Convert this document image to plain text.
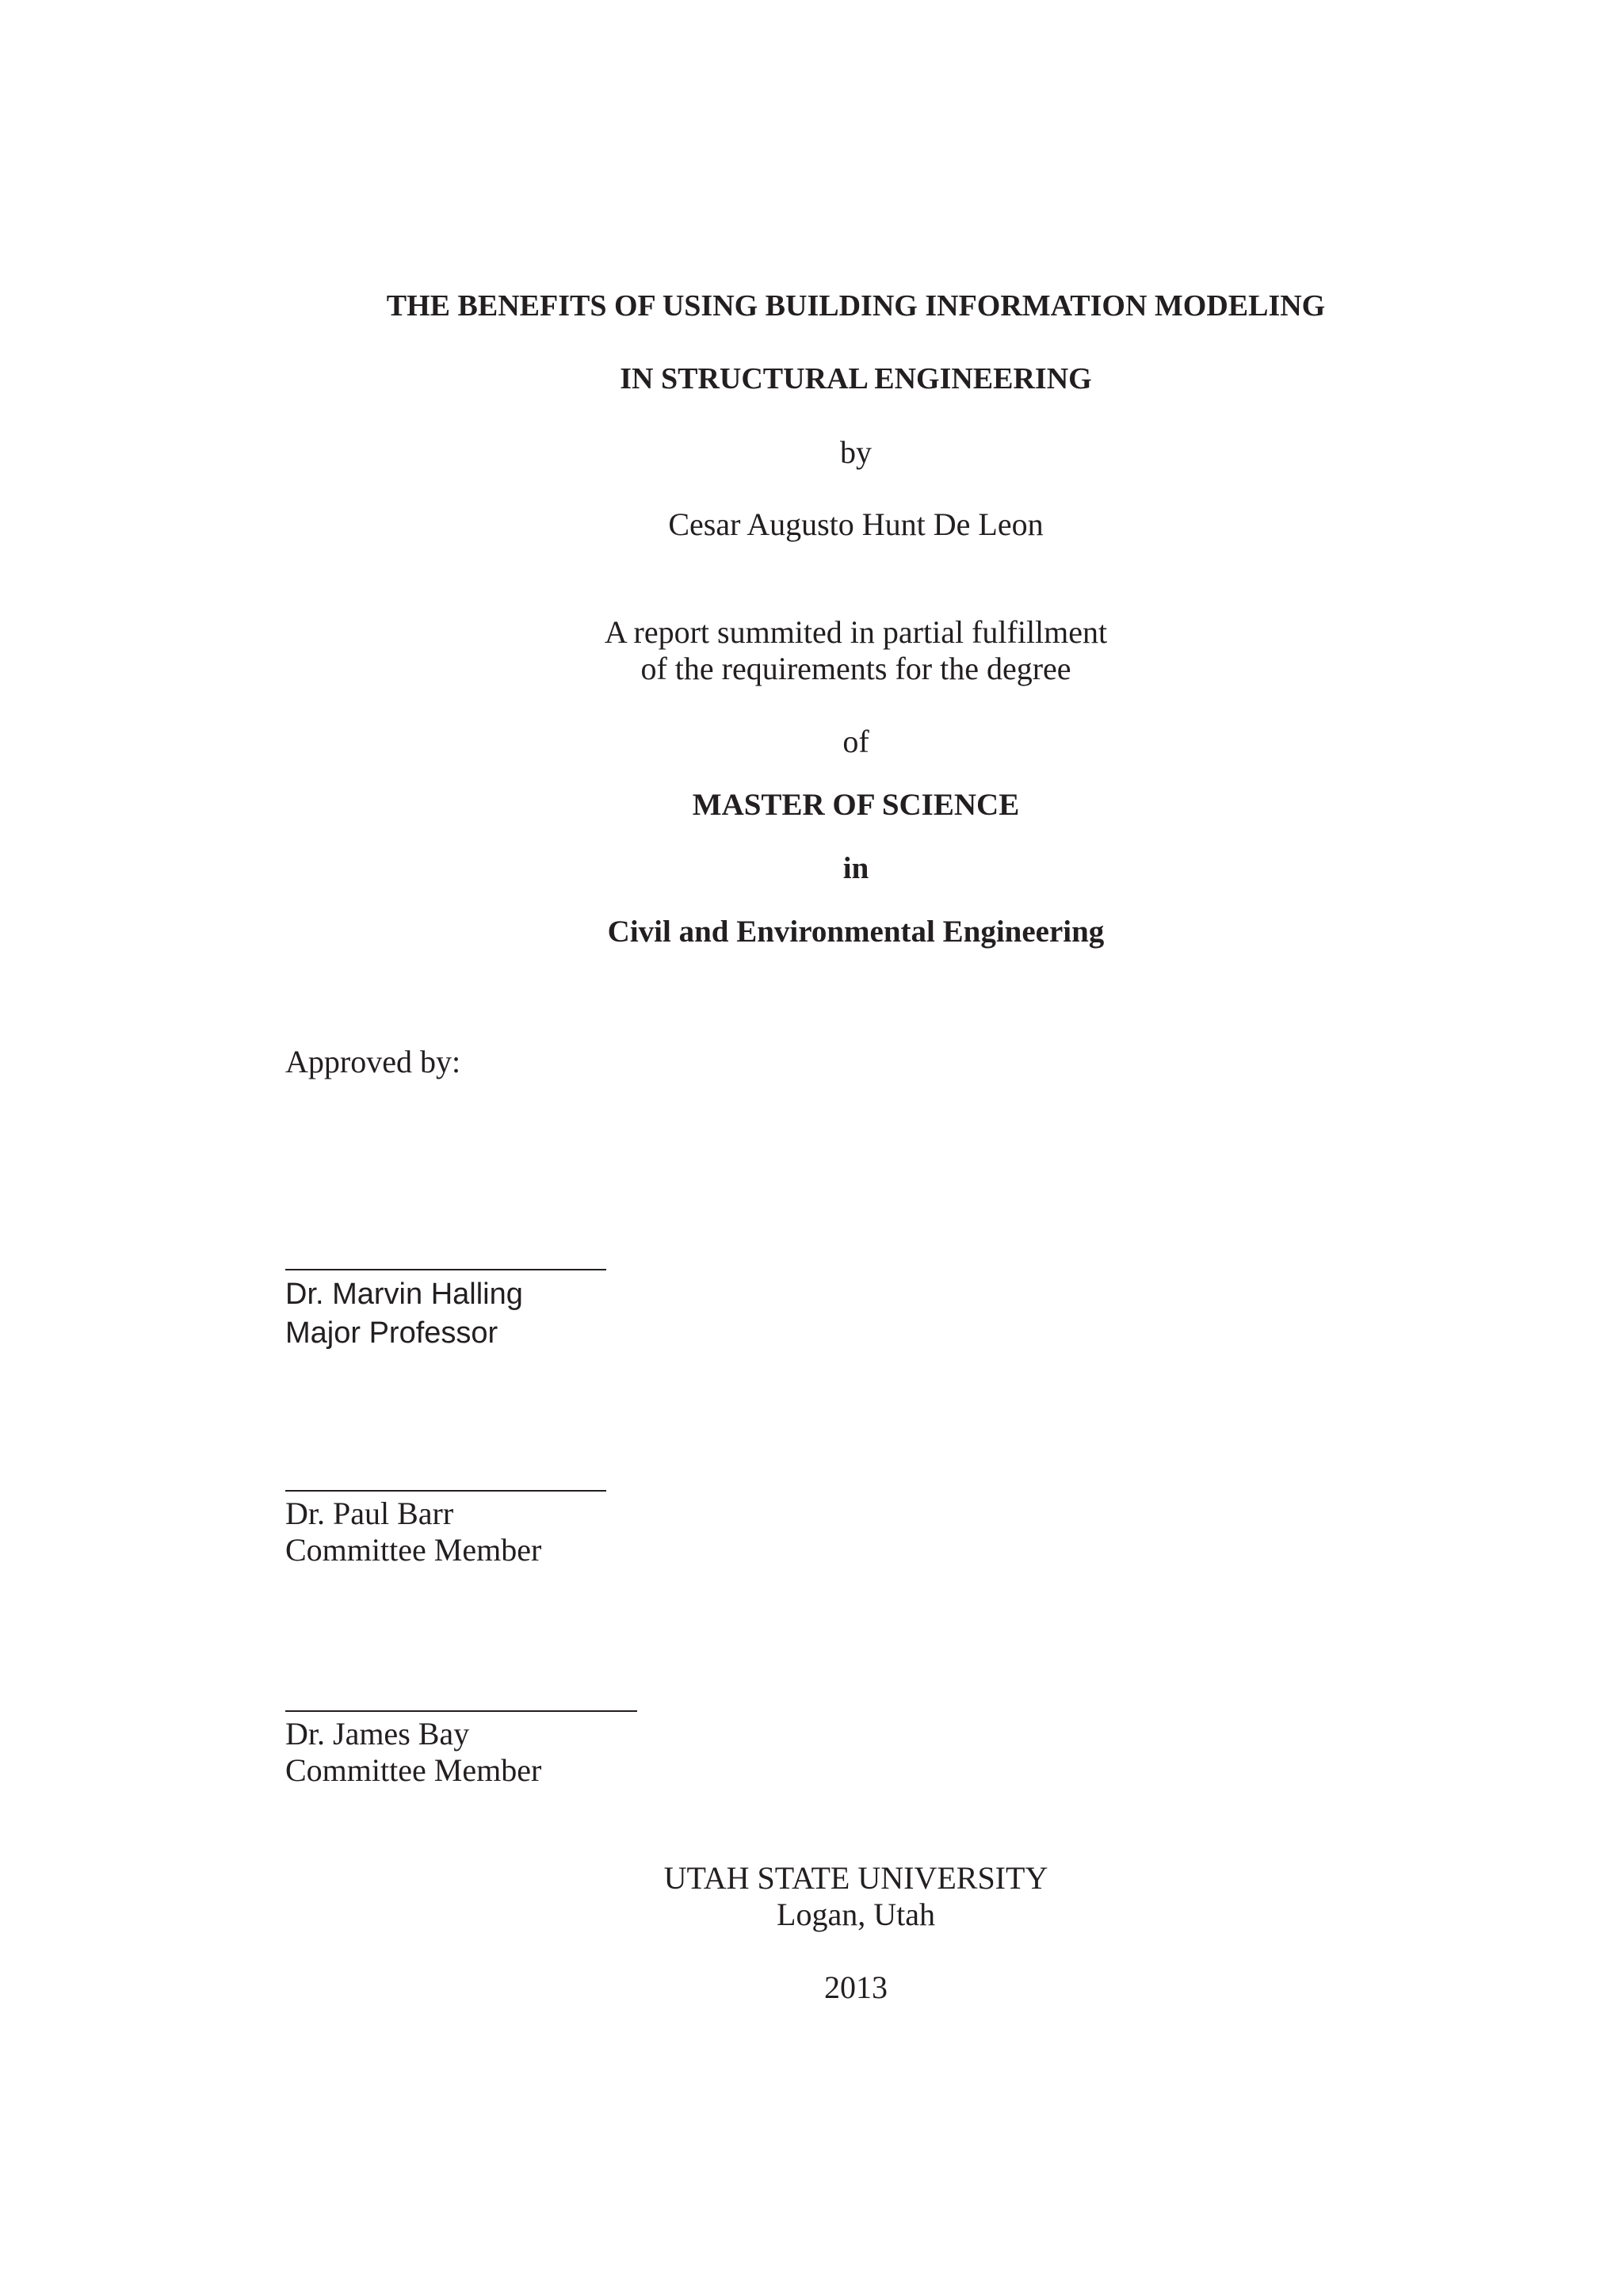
THE BENEFITS OF USING BUILDING INFORMATION MODELING
IN STRUCTURAL ENGINEERING
by
Cesar Augusto Hunt De Leon
A report summited in partial fulfillment
of the requirements for the degree
of
MASTER OF SCIENCE
in
Civil and Environmental Engineering
Approved by:
Dr. Marvin Halling
Major Professor
Dr. Paul Barr
Committee Member
Dr. James Bay
Committee Member
UTAH STATE UNIVERSITY
Logan, Utah
2013
